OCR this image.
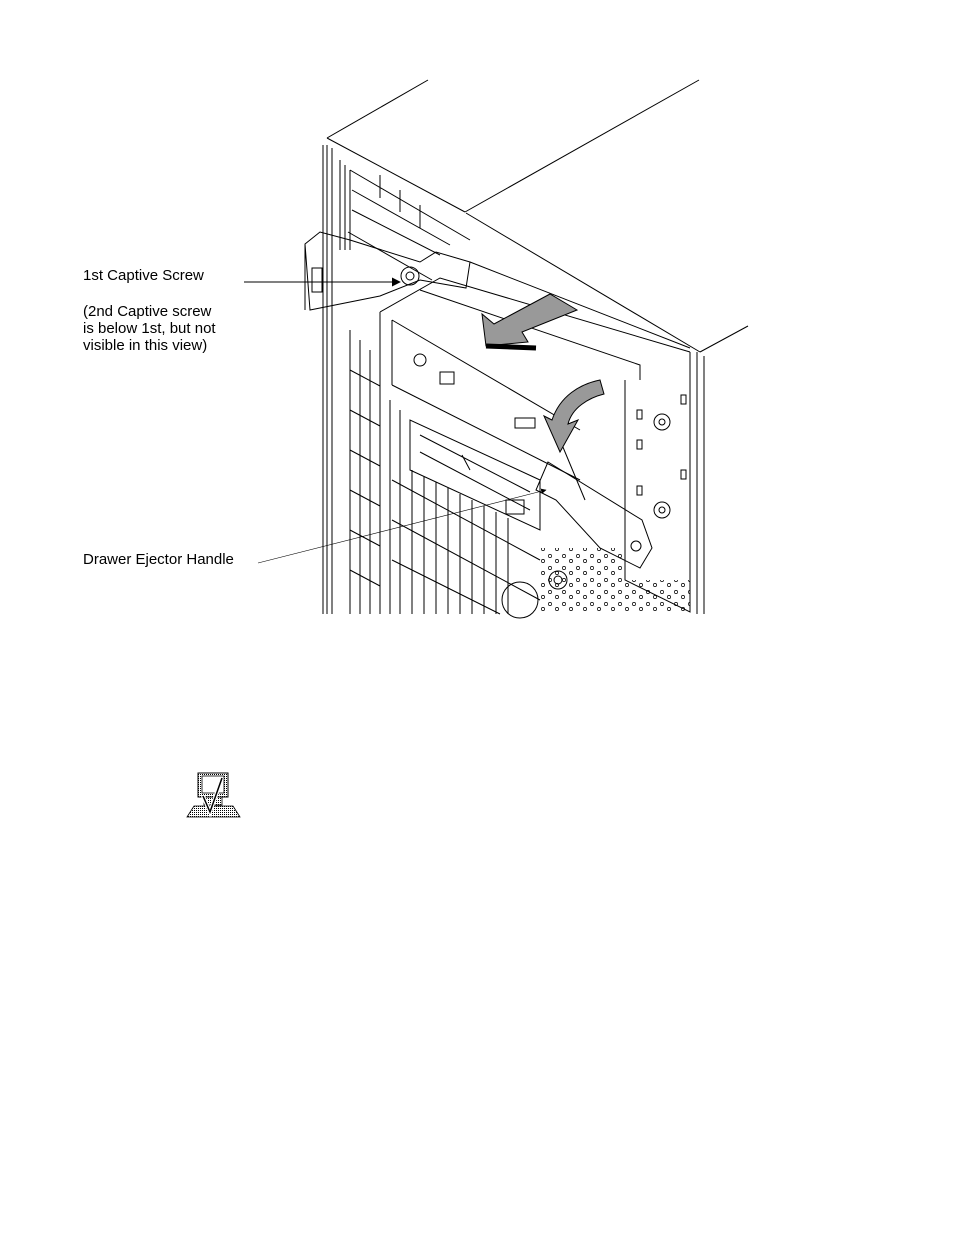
1st Captive Screw
(2nd Captive screw
is below 1st, but not
visible in this view)
Drawer Ejector Handle
